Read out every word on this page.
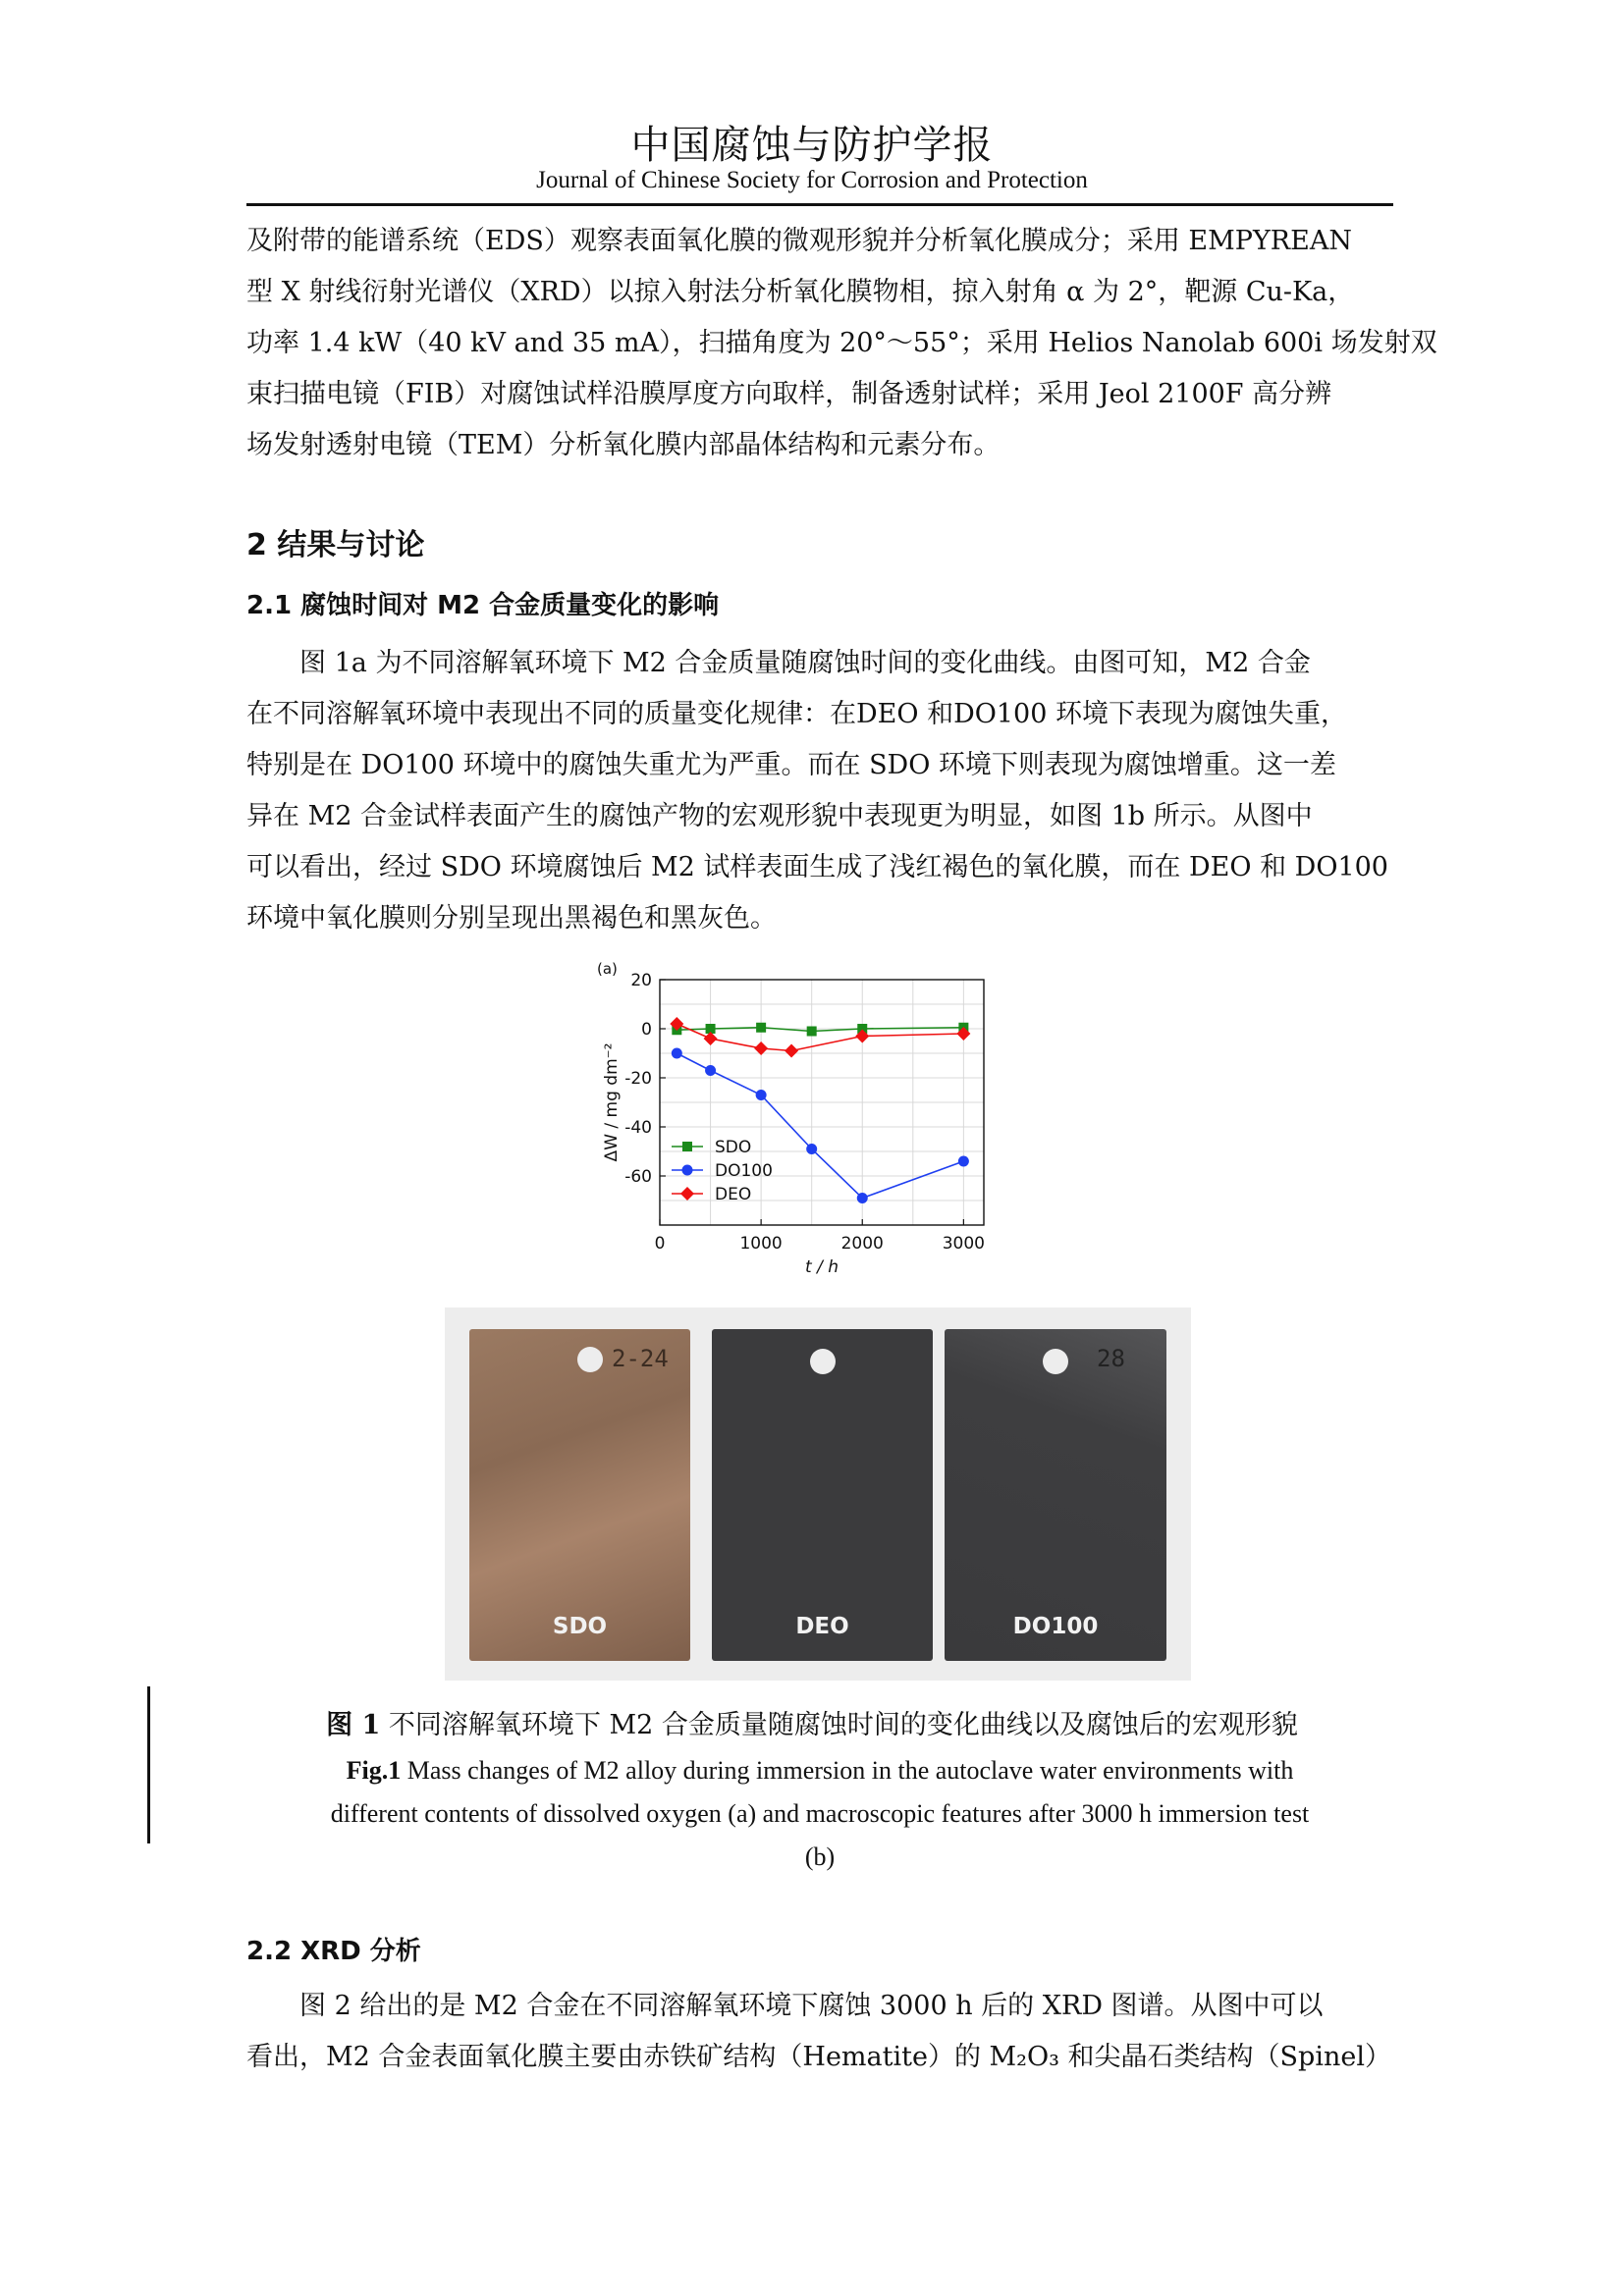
中国腐蚀与防护学报
Journal of Chinese Society for Corrosion and Protection
及附带的能谱系统（EDS）观察表面氧化膜的微观形貌并分析氧化膜成分；采用 EMPYREAN
型 X 射线衍射光谱仪（XRD）以掠入射法分析氧化膜物相，掠入射角 α 为 2°，靶源 Cu-Ka，
功率 1.4 kW（40 kV and 35 mA），扫描角度为 20°～55°；采用 Helios Nanolab 600i 场发射双
束扫描电镜（FIB）对腐蚀试样沿膜厚度方向取样，制备透射试样；采用 Jeol 2100F 高分辨
场发射透射电镜（TEM）分析氧化膜内部晶体结构和元素分布。
2 结果与讨论
2.1 腐蚀时间对 M2 合金质量变化的影响
图 1a 为不同溶解氧环境下 M2 合金质量随腐蚀时间的变化曲线。由图可知，M2 合金
在不同溶解氧环境中表现出不同的质量变化规律：在DEO 和DO100 环境下表现为腐蚀失重，
特别是在 DO100 环境中的腐蚀失重尤为严重。而在 SDO 环境下则表现为腐蚀增重。这一差
异在 M2 合金试样表面产生的腐蚀产物的宏观形貌中表现更为明显，如图 1b 所示。从图中
可以看出，经过 SDO 环境腐蚀后 M2 试样表面生成了浅红褐色的氧化膜，而在 DEO 和 DO100
环境中氧化膜则分别呈现出黑褐色和黑灰色。
0	1000	2000	3000
20
0
-20
-40
-60
t / h
ΔW / mg dm⁻²
(a)
SDO
DO100
DEO
2-24
SDO	DEO
28
DO100
图 1 不同溶解氧环境下 M2 合金质量随腐蚀时间的变化曲线以及腐蚀后的宏观形貌
Fig.1 Mass changes of M2 alloy during immersion in the autoclave water environments with
different contents of dissolved oxygen (a) and macroscopic features after 3000 h immersion test
(b)
2.2 XRD 分析
图 2 给出的是 M2 合金在不同溶解氧环境下腐蚀 3000 h 后的 XRD 图谱。从图中可以
看出，M2 合金表面氧化膜主要由赤铁矿结构（Hematite）的 M₂O₃ 和尖晶石类结构（Spinel）
